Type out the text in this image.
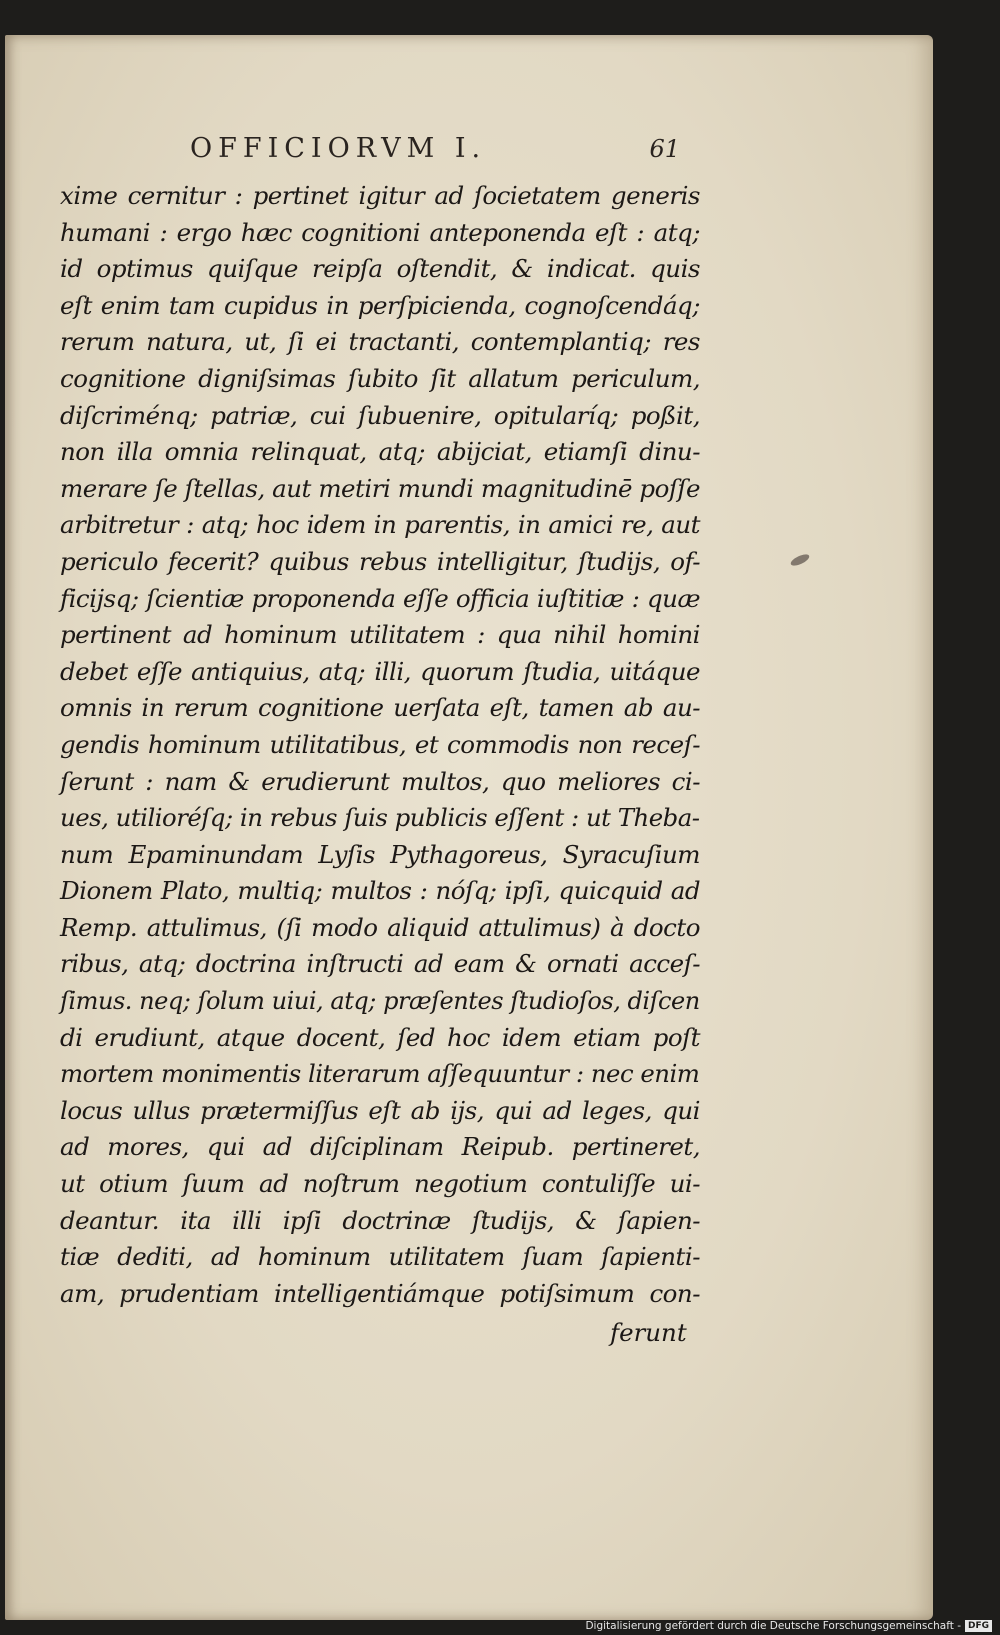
OFFICIORVM I.	61
xime cernitur : pertinet igitur ad ſocietatem generis
humani : ergo hæc cognitioni anteponenda eſt : atq;
id optimus quiſque reipſa oſtendit, & indicat. quis
eſt enim tam cupidus in perſpicienda, cognoſcendáq;
rerum natura, ut, ſi ei tractanti, contemplantiq; res
cognitione digniſsimas ſubito ſit allatum periculum,
diſcriménq; patriæ, cui ſubuenire, opitularíq; poßit,
non illa omnia relinquat, atq; abijciat, etiamſi dinu-
merare ſe ſtellas, aut metiri mundi magnitudinē poſſe
arbitretur : atq; hoc idem in parentis, in amici re, aut
periculo fecerit? quibus rebus intelligitur, ſtudijs, of-
ficijsq; ſcientiæ proponenda eſſe officia iuſtitiæ : quæ
pertinent ad hominum utilitatem : qua nihil homini
debet eſſe antiquius, atq; illi, quorum ſtudia, uitáque
omnis in rerum cognitione uerſata eſt, tamen ab au-
gendis hominum utilitatibus, et commodis non receſ-
ſerunt : nam & erudierunt multos, quo meliores ci-
ues, utilioréſq; in rebus ſuis publicis eſſent : ut Theba-
num Epaminundam Lyſis Pythagoreus, Syracuſium
Dionem Plato, multiq; multos : nóſq; ipſi, quicquid ad
Remp. attulimus, (ſi modo aliquid attulimus) à docto
ribus, atq; doctrina inſtructi ad eam & ornati acceſ-
ſimus. neq; ſolum uiui, atq; præſentes ſtudioſos, diſcen
di erudiunt, atque docent, ſed hoc idem etiam poſt
mortem monimentis literarum aſſequuntur : nec enim
locus ullus prætermiſſus eſt ab ijs, qui ad leges, qui
ad mores, qui ad diſciplinam Reipub. pertineret,
ut otium ſuum ad noſtrum negotium contuliſſe ui-
deantur. ita illi ipſi doctrinæ ſtudijs, & ſapien-
tiæ dediti, ad hominum utilitatem ſuam ſapienti-
am, prudentiam intelligentiámque potiſsimum con-
ferunt
Digitalisierung gefördert durch die Deutsche Forschungsgemeinschaft - DFG
